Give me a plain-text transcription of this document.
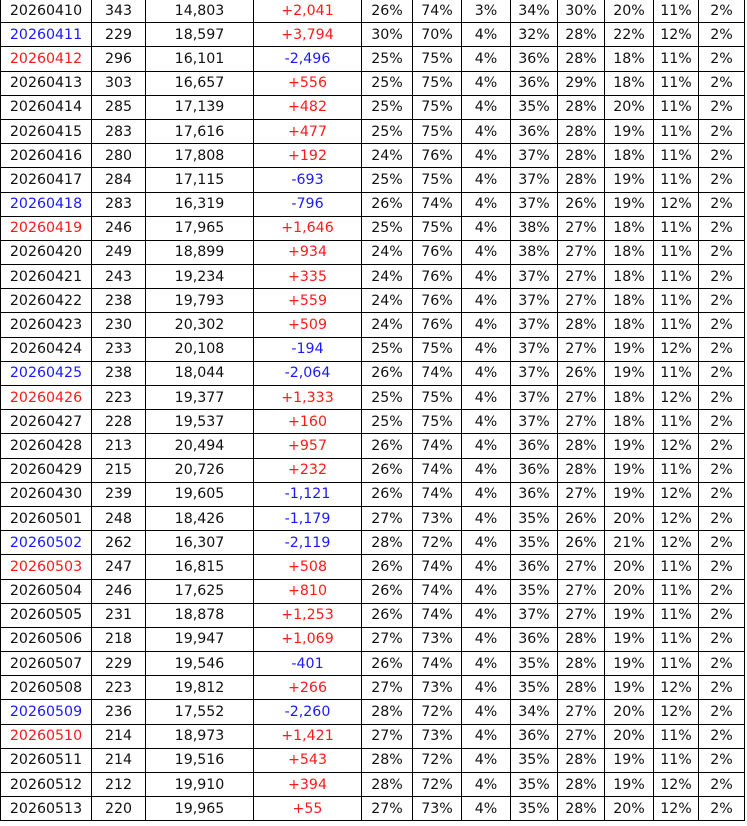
20260410	343	14,803	+2,041	26%	74%	3%	34%	30%	20%	11%	2%
20260411	229	18,597	+3,794	30%	70%	4%	32%	28%	22%	12%	2%
20260412	296	16,101	-2,496	25%	75%	4%	36%	28%	18%	11%	2%
20260413	303	16,657	+556	25%	75%	4%	36%	29%	18%	11%	2%
20260414	285	17,139	+482	25%	75%	4%	35%	28%	20%	11%	2%
20260415	283	17,616	+477	25%	75%	4%	36%	28%	19%	11%	2%
20260416	280	17,808	+192	24%	76%	4%	37%	28%	18%	11%	2%
20260417	284	17,115	-693	25%	75%	4%	37%	28%	19%	11%	2%
20260418	283	16,319	-796	26%	74%	4%	37%	26%	19%	12%	2%
20260419	246	17,965	+1,646	25%	75%	4%	38%	27%	18%	11%	2%
20260420	249	18,899	+934	24%	76%	4%	38%	27%	18%	11%	2%
20260421	243	19,234	+335	24%	76%	4%	37%	27%	18%	11%	2%
20260422	238	19,793	+559	24%	76%	4%	37%	27%	18%	11%	2%
20260423	230	20,302	+509	24%	76%	4%	37%	28%	18%	11%	2%
20260424	233	20,108	-194	25%	75%	4%	37%	27%	19%	12%	2%
20260425	238	18,044	-2,064	26%	74%	4%	37%	26%	19%	11%	2%
20260426	223	19,377	+1,333	25%	75%	4%	37%	27%	18%	12%	2%
20260427	228	19,537	+160	25%	75%	4%	37%	27%	18%	11%	2%
20260428	213	20,494	+957	26%	74%	4%	36%	28%	19%	12%	2%
20260429	215	20,726	+232	26%	74%	4%	36%	28%	19%	11%	2%
20260430	239	19,605	-1,121	26%	74%	4%	36%	27%	19%	12%	2%
20260501	248	18,426	-1,179	27%	73%	4%	35%	26%	20%	12%	2%
20260502	262	16,307	-2,119	28%	72%	4%	35%	26%	21%	12%	2%
20260503	247	16,815	+508	26%	74%	4%	36%	27%	20%	11%	2%
20260504	246	17,625	+810	26%	74%	4%	35%	27%	20%	11%	2%
20260505	231	18,878	+1,253	26%	74%	4%	37%	27%	19%	11%	2%
20260506	218	19,947	+1,069	27%	73%	4%	36%	28%	19%	11%	2%
20260507	229	19,546	-401	26%	74%	4%	35%	28%	19%	11%	2%
20260508	223	19,812	+266	27%	73%	4%	35%	28%	19%	12%	2%
20260509	236	17,552	-2,260	28%	72%	4%	34%	27%	20%	12%	2%
20260510	214	18,973	+1,421	27%	73%	4%	36%	27%	20%	11%	2%
20260511	214	19,516	+543	28%	72%	4%	35%	28%	19%	11%	2%
20260512	212	19,910	+394	28%	72%	4%	35%	28%	19%	12%	2%
20260513	220	19,965	+55	27%	73%	4%	35%	28%	20%	12%	2%
